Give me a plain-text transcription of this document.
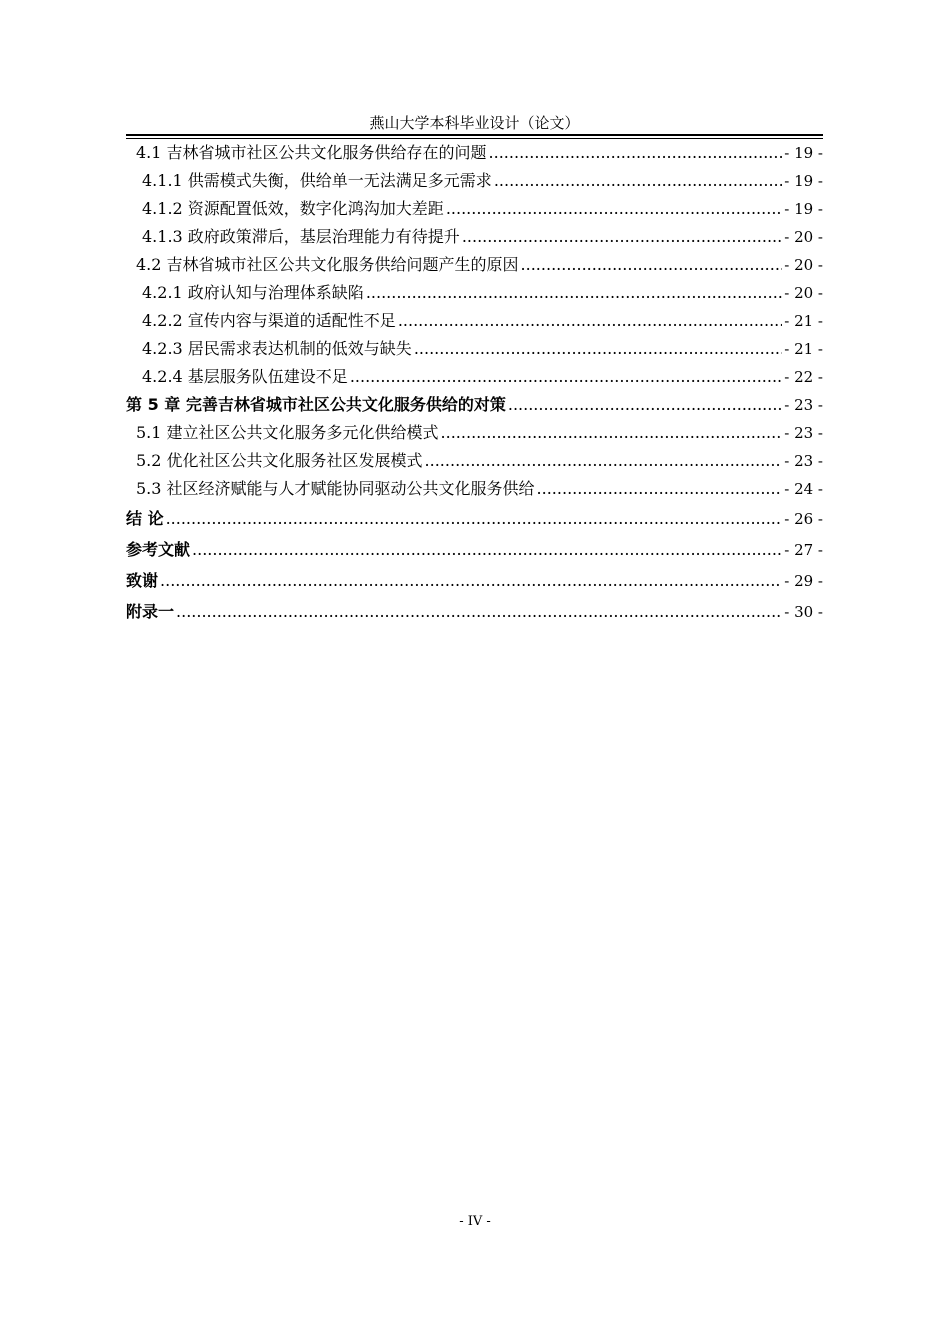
燕山大学本科毕业设计（论文）
4.1 吉林省城市社区公共文化服务供给存在的问题 .....	- 19 -
4.1.1 供需模式失衡，供给单一无法满足多元需求 .....	- 19 -
4.1.2 资源配置低效，数字化鸿沟加大差距 .....	- 19 -
4.1.3 政府政策滞后，基层治理能力有待提升 .....	- 20 -
4.2 吉林省城市社区公共文化服务供给问题产生的原因 .....	- 20 -
4.2.1 政府认知与治理体系缺陷 .....	- 20 -
4.2.2 宣传内容与渠道的适配性不足 .....	- 21 -
4.2.3 居民需求表达机制的低效与缺失 .....	- 21 -
4.2.4 基层服务队伍建设不足 .....	- 22 -
第 5 章 完善吉林省城市社区公共文化服务供给的对策 .....	- 23 -
5.1 建立社区公共文化服务多元化供给模式 .....	- 23 -
5.2 优化社区公共文化服务社区发展模式 .....	- 23 -
5.3 社区经济赋能与人才赋能协同驱动公共文化服务供给 .....	- 24 -
结 论 .....	- 26 -
参考文献 .....	- 27 -
致谢 .....	- 29 -
附录一 .....	- 30 -
- IV -
